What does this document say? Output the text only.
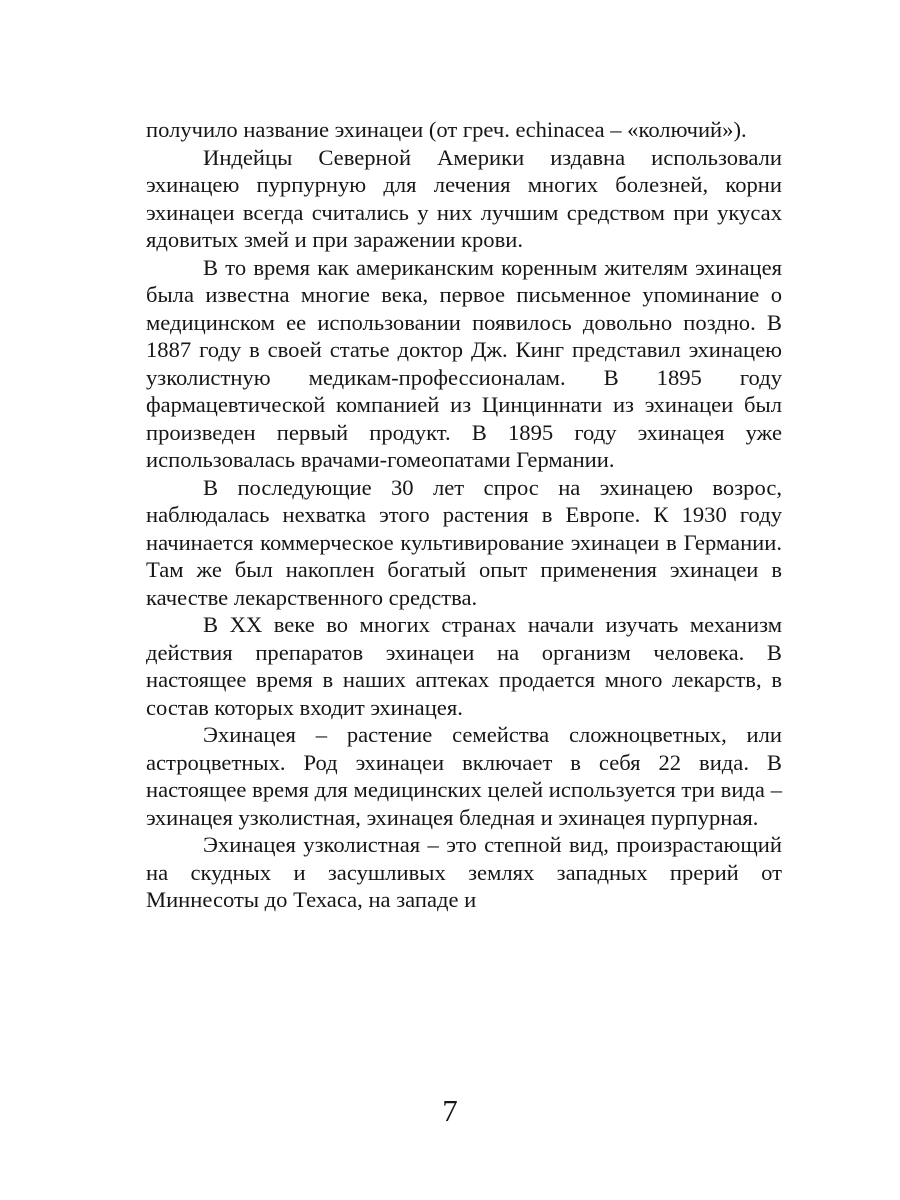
получило название эхинацеи (от греч. echinacea – «колючий»).

Индейцы Северной Америки издавна использовали эхинацею пурпурную для лечения многих болезней, корни эхинацеи всегда считались у них лучшим средством при укусах ядовитых змей и при заражении крови.

В то время как американским коренным жителям эхинацея была известна многие века, первое письменное упоминание о медицинском ее использовании появилось довольно поздно. В 1887 году в своей статье доктор Дж. Кинг представил эхинацею узколистную медикам-профессионалам. В 1895 году фармацевтической компанией из Цинциннати из эхинацеи был произведен первый продукт. В 1895 году эхинацея уже использовалась врачами-гомеопатами Германии.

В последующие 30 лет спрос на эхинацею возрос, наблюдалась нехватка этого растения в Европе. К 1930 году начинается коммерческое культивирование эхинацеи в Германии. Там же был накоплен богатый опыт применения эхинацеи в качестве лекарственного средства.

В XX веке во многих странах начали изучать механизм действия препаратов эхинацеи на организм человека. В настоящее время в наших аптеках продается много лекарств, в состав которых входит эхинацея.

Эхинацея – растение семейства сложноцветных, или астроцветных. Род эхинацеи включает в себя 22 вида. В настоящее время для медицинских целей используется три вида – эхинацея узколистная, эхинацея бледная и эхинацея пурпурная.

Эхинацея узколистная – это степной вид, произрастающий на скудных и засушливых землях западных прерий от Миннесоты до Техаса, на западе и

7
